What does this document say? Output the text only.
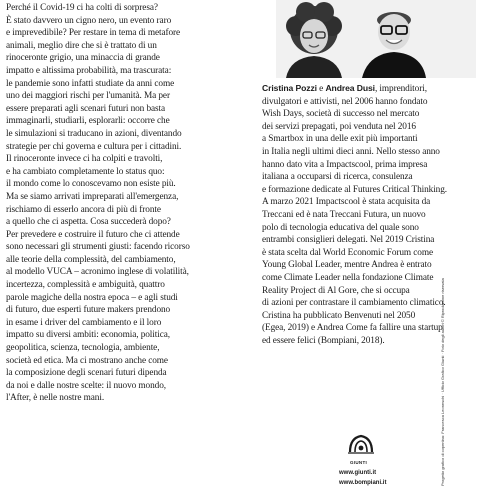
Perché il Covid-19 ci ha colti di sorpresa?

È stato davvero un cigno nero, un evento raro

e imprevedibile? Per restare in tema di metafore

animali, meglio dire che si è trattato di un

rinoceronte grigio, una minaccia di grande

impatto e altissima probabilità, ma trascurata:

le pandemie sono infatti studiate da anni come

uno dei maggiori rischi per l'umanità. Ma per

essere preparati agli scenari futuri non basta

immaginarli, studiarli, esplorarli: occorre che

le simulazioni si traducano in azioni, diventando

strategie per chi governa e cultura per i cittadini.

Il rinoceronte invece ci ha colpiti e travolti,

e ha cambiato completamente lo status quo:

il mondo come lo conoscevamo non esiste più.

Ma se siamo arrivati impreparati all'emergenza,

rischiamo di esserlo ancora di più di fronte

a quello che ci aspetta. Cosa succederà dopo?

Per prevedere e costruire il futuro che ci attende

sono necessari gli strumenti giusti: facendo ricorso

alle teorie della complessità, del cambiamento,

al modello VUCA – acronimo inglese di volatilità,

incertezza, complessità e ambiguità, quattro

parole magiche della nostra epoca – e agli studi

di futuro, due esperti future makers prendono

in esame i driver del cambiamento e il loro

impatto su diversi ambiti: economia, politica,

geopolitica, scienza, tecnologia, ambiente,

società ed etica. Ma ci mostrano anche come

la composizione degli scenari futuri dipenda

da noi e dalle nostre scelte: il nuovo mondo,

l'After, è nelle nostre mani.

Cristina Pozzi e Andrea Dusi, imprenditori,

divulgatori e attivisti, nel 2006 hanno fondato

Wish Days, società di successo nel mercato

dei servizi prepagati, poi venduta nel 2016

a Smartbox in una delle exit più importanti

in Italia negli ultimi dieci anni. Nello stesso anno

hanno dato vita a Impactscool, prima impresa

italiana a occuparsi di ricerca, consulenza

e formazione dedicate al Futures Critical Thinking.

A marzo 2021 Impactscool è stata acquisita da

Treccani ed è nata Treccani Futura, un nuovo

polo di tecnologia educativa del quale sono

entrambi consiglieri delegati. Nel 2019 Cristina

è stata scelta dal World Economic Forum come

Young Global Leader, mentre Andrea è entrato

come Climate Leader nella fondazione Climate

Reality Project di Al Gore, che si occupa

di azioni per contrastare il cambiamento climatico.

Cristina ha pubblicato Benvenuti nel 2050

(Egea, 2019) e Andrea Come fa fallire una startup

ed essere felici (Bompiani, 2018).	Progetto grafico di copertina: Francesca Leoneschi · Ufficio Grafico Giunti · Foto degli autori © Riproduzione riservata
GIUNTI
www.giunti.it
www.bompiani.it
